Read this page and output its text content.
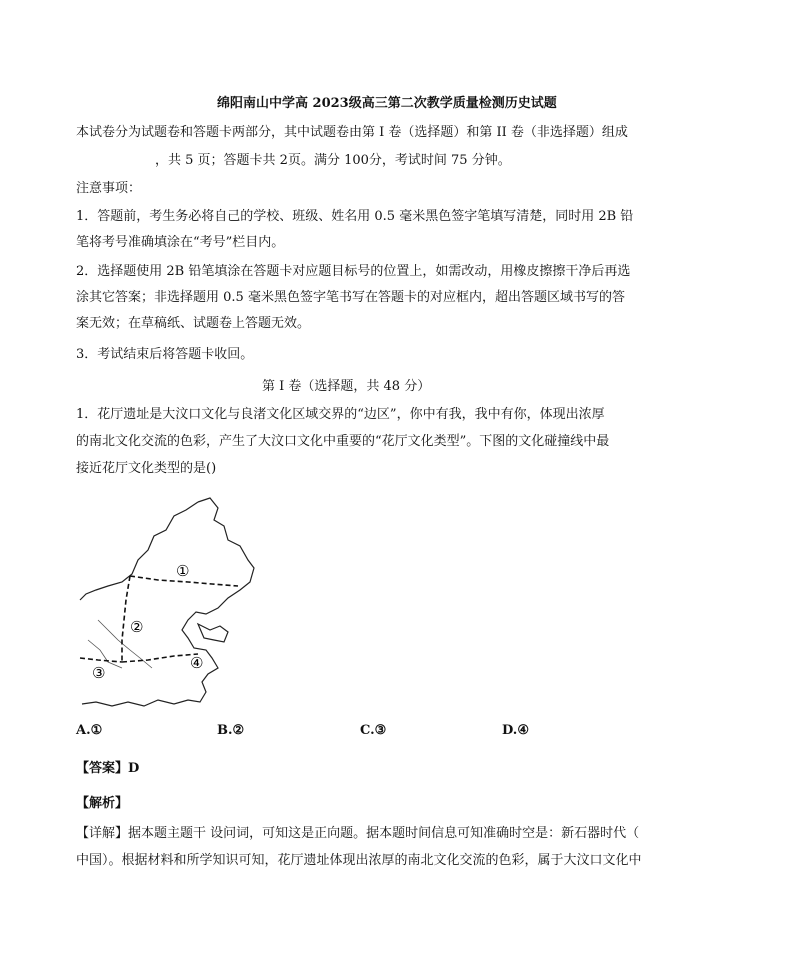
绵阳南山中学高 2023级高三第二次教学质量检测历史试题
本试卷分为试题卷和答题卡两部分，其中试题卷由第 I 卷（选择题）和第 II 卷（非选择题）组成
，共 5 页；答题卡共 2页。满分 100分，考试时间 75 分钟。
注意事项：
1．答题前，考生务必将自己的学校、班级、姓名用 0.5 毫米黑色签字笔填写清楚，同时用 2B 铅
笔将考号准确填涂在“考号”栏目内。
2．选择题使用 2B 铅笔填涂在答题卡对应题目标号的位置上，如需改动，用橡皮擦擦干净后再选
涂其它答案；非选择题用 0.5 毫米黑色签字笔书写在答题卡的对应框内，超出答题区域书写的答
案无效；在草稿纸、试题卷上答题无效。
3．考试结束后将答题卡收回。
第 I 卷（选择题，共 48 分）
1．花厅遗址是大汶口文化与良渚文化区域交界的“边区”，你中有我，我中有你，体现出浓厚
的南北文化交流的色彩，产生了大汶口文化中重要的“花厅文化类型”。下图的文化碰撞线中最
接近花厅文化类型的是()
①
②
③
④
A.①	B.②	C.③	D.④
【答案】D
【解析】
【详解】据本题主题干 设问词，可知这是正向题。据本题时间信息可知准确时空是：新石器时代（
中国）。根据材料和所学知识可知，花厅遗址体现出浓厚的南北文化交流的色彩，属于大汶口文化中
